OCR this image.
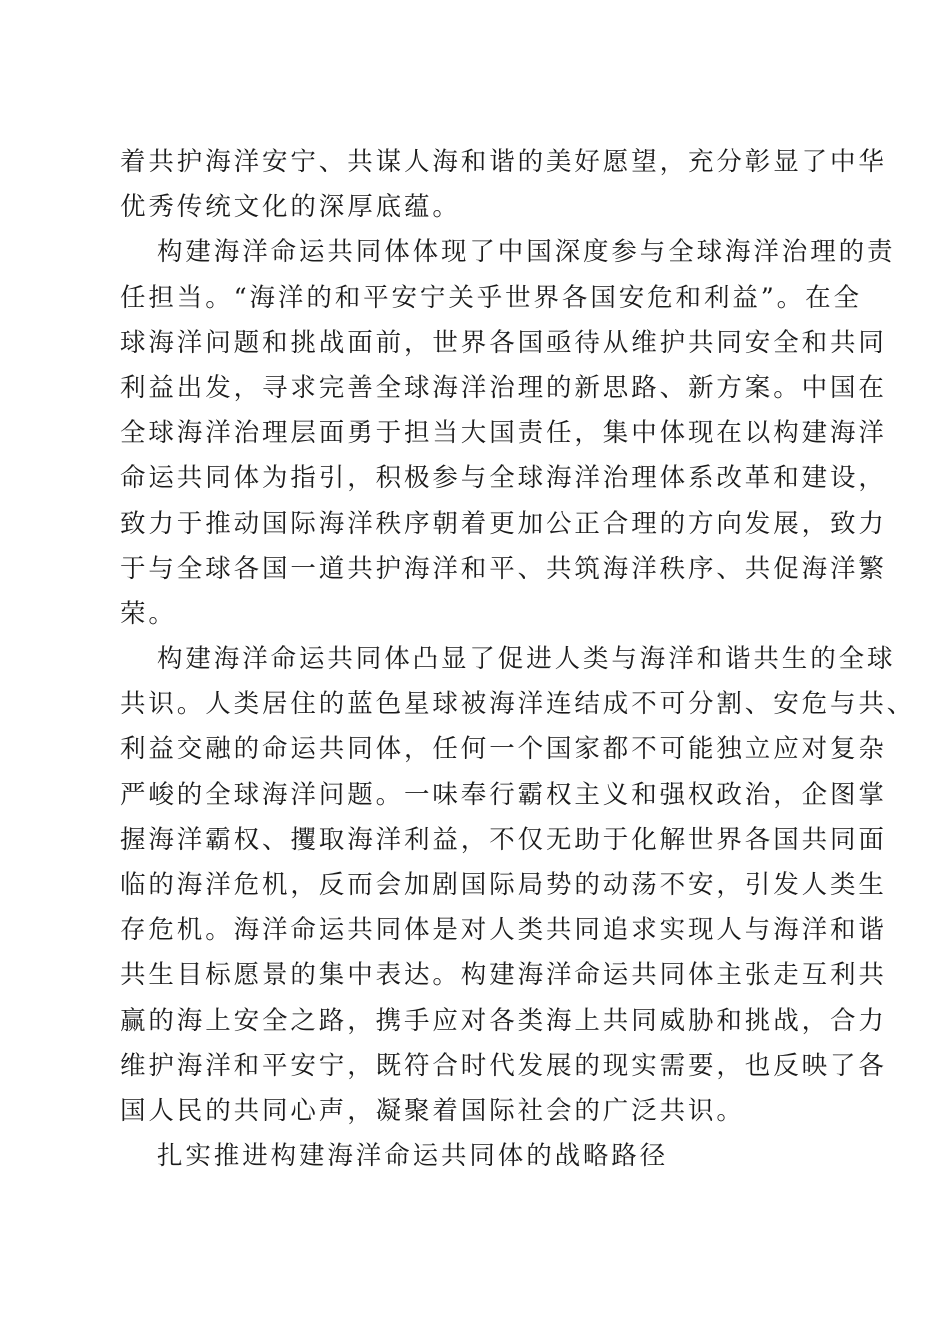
着共护海洋安宁、共谋人海和谐的美好愿望，充分彰显了中华
优秀传统文化的深厚底蕴。
构建海洋命运共同体体现了中国深度参与全球海洋治理的责
任担当。“海洋的和平安宁关乎世界各国安危和利益”。在全
球海洋问题和挑战面前，世界各国亟待从维护共同安全和共同
利益出发，寻求完善全球海洋治理的新思路、新方案。中国在
全球海洋治理层面勇于担当大国责任，集中体现在以构建海洋
命运共同体为指引，积极参与全球海洋治理体系改革和建设，
致力于推动国际海洋秩序朝着更加公正合理的方向发展，致力
于与全球各国一道共护海洋和平、共筑海洋秩序、共促海洋繁
荣。
构建海洋命运共同体凸显了促进人类与海洋和谐共生的全球
共识。人类居住的蓝色星球被海洋连结成不可分割、安危与共、
利益交融的命运共同体，任何一个国家都不可能独立应对复杂
严峻的全球海洋问题。一味奉行霸权主义和强权政治，企图掌
握海洋霸权、攫取海洋利益，不仅无助于化解世界各国共同面
临的海洋危机，反而会加剧国际局势的动荡不安，引发人类生
存危机。海洋命运共同体是对人类共同追求实现人与海洋和谐
共生目标愿景的集中表达。构建海洋命运共同体主张走互利共
赢的海上安全之路，携手应对各类海上共同威胁和挑战，合力
维护海洋和平安宁，既符合时代发展的现实需要，也反映了各
国人民的共同心声，凝聚着国际社会的广泛共识。
扎实推进构建海洋命运共同体的战略路径
